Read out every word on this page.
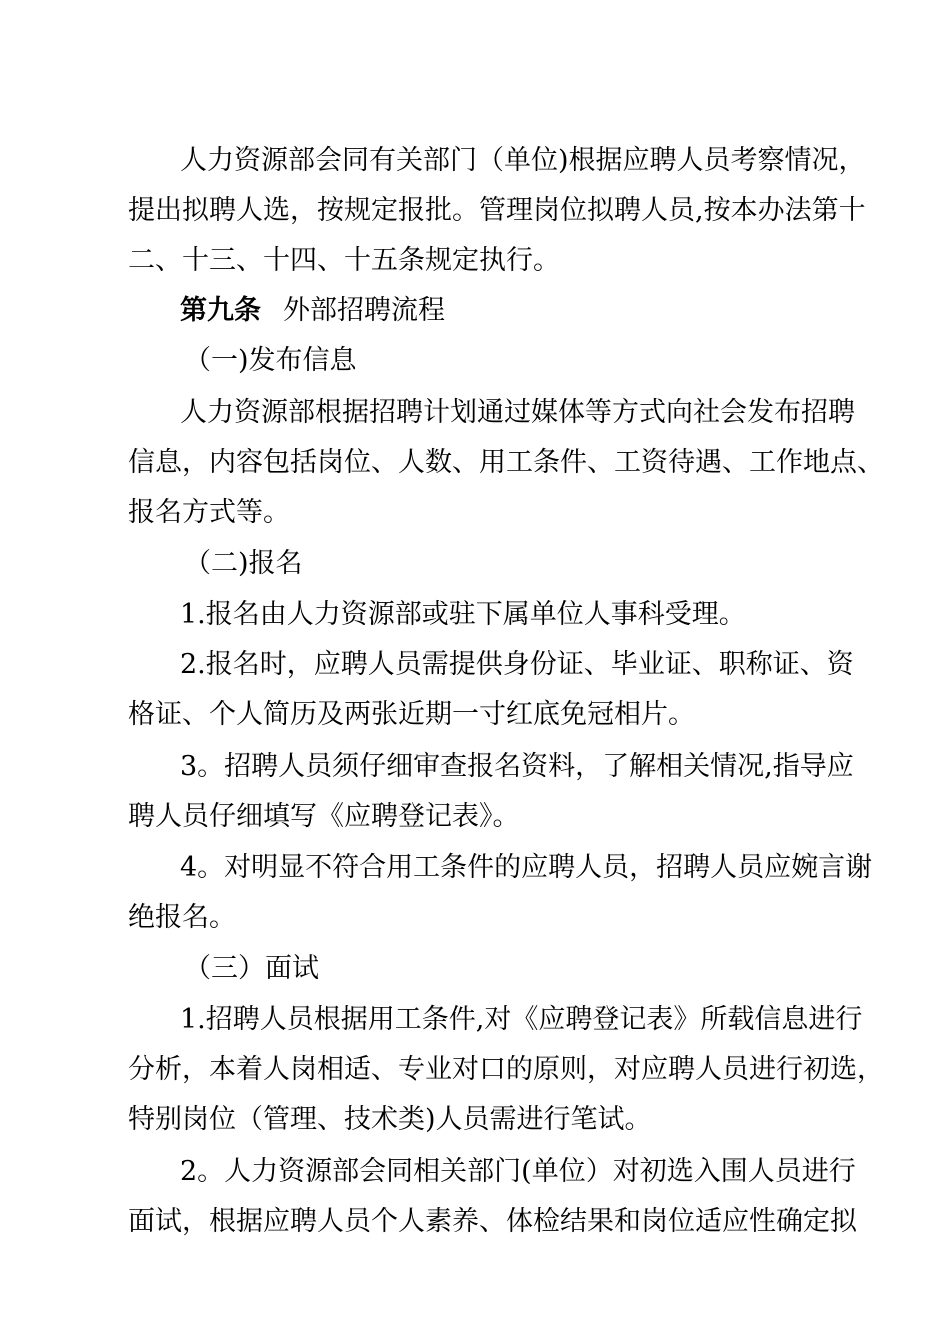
人力资源部会同有关部门（单位)根据应聘人员考察情况，
提出拟聘人选，按规定报批。管理岗位拟聘人员,按本办法第十
二、十三、十四、十五条规定执行。
第九条 外部招聘流程
（一)发布信息
人力资源部根据招聘计划通过媒体等方式向社会发布招聘
信息，内容包括岗位、人数、用工条件、工资待遇、工作地点、
报名方式等。
（二)报名
1.报名由人力资源部或驻下属单位人事科受理。
2.报名时，应聘人员需提供身份证、毕业证、职称证、资
格证、个人简历及两张近期一寸红底免冠相片。
3。招聘人员须仔细审查报名资料，了解相关情况,指导应
聘人员仔细填写《应聘登记表》。
4。对明显不符合用工条件的应聘人员，招聘人员应婉言谢
绝报名。
（三）面试
1.招聘人员根据用工条件,对《应聘登记表》所载信息进行
分析，本着人岗相适、专业对口的原则，对应聘人员进行初选，
特别岗位（管理、技术类)人员需进行笔试。
2。人力资源部会同相关部门(单位）对初选入围人员进行
面试，根据应聘人员个人素养、体检结果和岗位适应性确定拟
